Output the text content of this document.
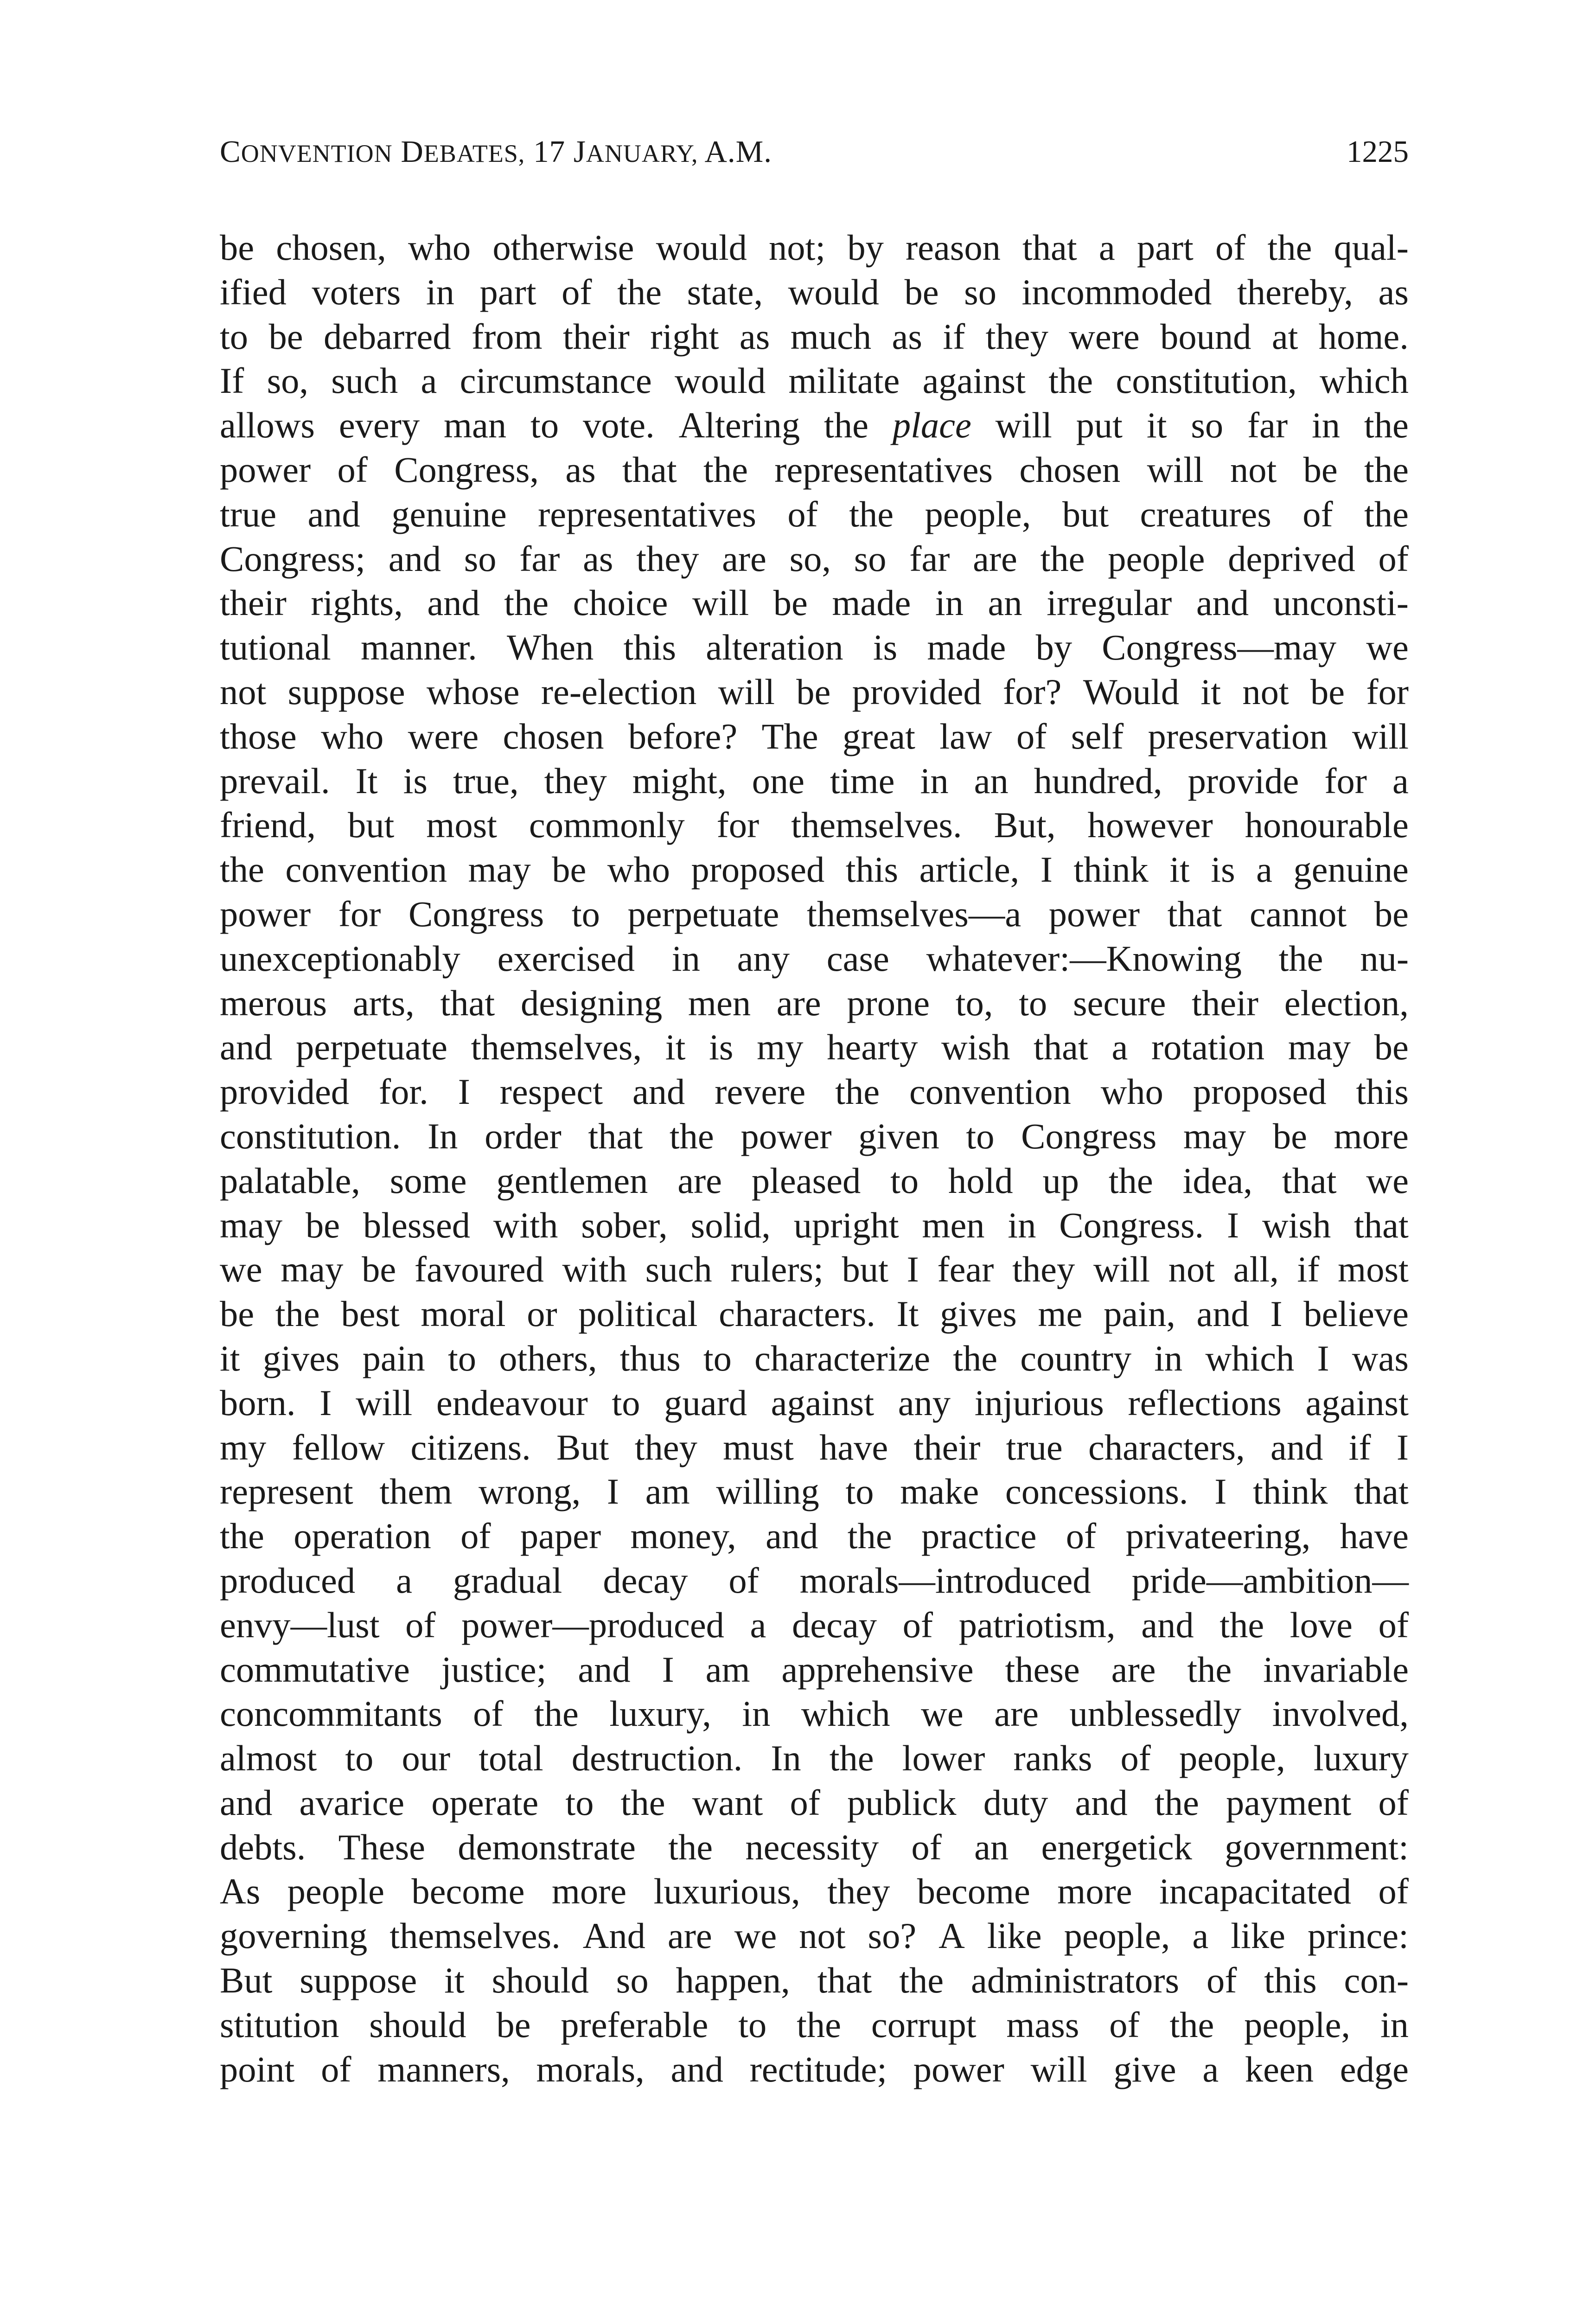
CONVENTION DEBATES, 17 JANUARY, A.M.	1225
be chosen, who otherwise would not; by reason that a part of the qual-
ified voters in part of the state, would be so incommoded thereby, as
to be debarred from their right as much as if they were bound at home.
If so, such a circumstance would militate against the constitution, which
allows every man to vote. Altering the place will put it so far in the
power of Congress, as that the representatives chosen will not be the
true and genuine representatives of the people, but creatures of the
Congress; and so far as they are so, so far are the people deprived of
their rights, and the choice will be made in an irregular and unconsti-
tutional manner. When this alteration is made by Congress—may we
not suppose whose re-election will be provided for? Would it not be for
those who were chosen before? The great law of self preservation will
prevail. It is true, they might, one time in an hundred, provide for a
friend, but most commonly for themselves. But, however honourable
the convention may be who proposed this article, I think it is a genuine
power for Congress to perpetuate themselves—a power that cannot be
unexceptionably exercised in any case whatever:—Knowing the nu-
merous arts, that designing men are prone to, to secure their election,
and perpetuate themselves, it is my hearty wish that a rotation may be
provided for. I respect and revere the convention who proposed this
constitution. In order that the power given to Congress may be more
palatable, some gentlemen are pleased to hold up the idea, that we
may be blessed with sober, solid, upright men in Congress. I wish that
we may be favoured with such rulers; but I fear they will not all, if most
be the best moral or political characters. It gives me pain, and I believe
it gives pain to others, thus to characterize the country in which I was
born. I will endeavour to guard against any injurious reflections against
my fellow citizens. But they must have their true characters, and if I
represent them wrong, I am willing to make concessions. I think that
the operation of paper money, and the practice of privateering, have
produced a gradual decay of morals—introduced pride—ambition—
envy—lust of power—produced a decay of patriotism, and the love of
commutative justice; and I am apprehensive these are the invariable
concommitants of the luxury, in which we are unblessedly involved,
almost to our total destruction. In the lower ranks of people, luxury
and avarice operate to the want of publick duty and the payment of
debts. These demonstrate the necessity of an energetick government:
As people become more luxurious, they become more incapacitated of
governing themselves. And are we not so? A like people, a like prince:
But suppose it should so happen, that the administrators of this con-
stitution should be preferable to the corrupt mass of the people, in
point of manners, morals, and rectitude; power will give a keen edge
